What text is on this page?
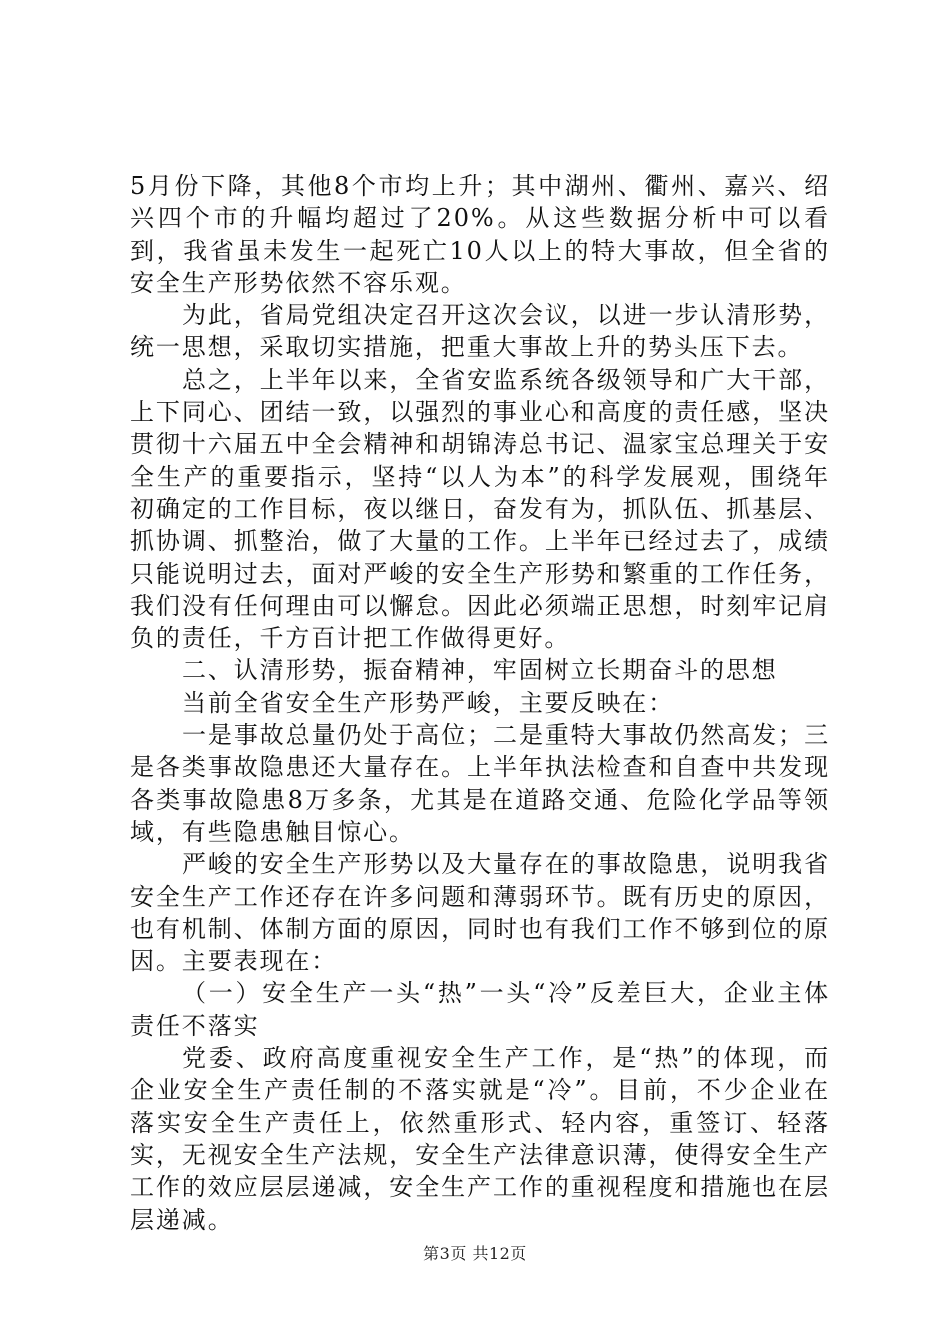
5月份下降，其他8个市均上升；其中湖州、衢州、嘉兴、绍兴四个市的升幅均超过了20%。从这些数据分析中可以看到，我省虽未发生一起死亡10人以上的特大事故，但全省的安全生产形势依然不容乐观。

为此，省局党组决定召开这次会议，以进一步认清形势，统一思想，采取切实措施，把重大事故上升的势头压下去。

总之，上半年以来，全省安监系统各级领导和广大干部，上下同心、团结一致，以强烈的事业心和高度的责任感，坚决贯彻十六届五中全会精神和胡锦涛总书记、温家宝总理关于安全生产的重要指示，坚持“以人为本”的科学发展观，围绕年初确定的工作目标，夜以继日，奋发有为，抓队伍、抓基层、抓协调、抓整治，做了大量的工作。上半年已经过去了，成绩只能说明过去，面对严峻的安全生产形势和繁重的工作任务，我们没有任何理由可以懈怠。因此必须端正思想，时刻牢记肩负的责任，千方百计把工作做得更好。

二、认清形势，振奋精神，牢固树立长期奋斗的思想

当前全省安全生产形势严峻，主要反映在：

一是事故总量仍处于高位；二是重特大事故仍然高发；三是各类事故隐患还大量存在。上半年执法检查和自查中共发现各类事故隐患8万多条，尤其是在道路交通、危险化学品等领域，有些隐患触目惊心。

严峻的安全生产形势以及大量存在的事故隐患，说明我省安全生产工作还存在许多问题和薄弱环节。既有历史的原因，也有机制、体制方面的原因，同时也有我们工作不够到位的原因。主要表现在：

（一）安全生产一头“热”一头“冷”反差巨大，企业主体责任不落实

党委、政府高度重视安全生产工作，是“热”的体现，而企业安全生产责任制的不落实就是“冷”。目前，不少企业在落实安全生产责任上，依然重形式、轻内容，重签订、轻落实，无视安全生产法规，安全生产法律意识薄，使得安全生产工作的效应层层递减，安全生产工作的重视程度和措施也在层层递减。

第3页 共12页
